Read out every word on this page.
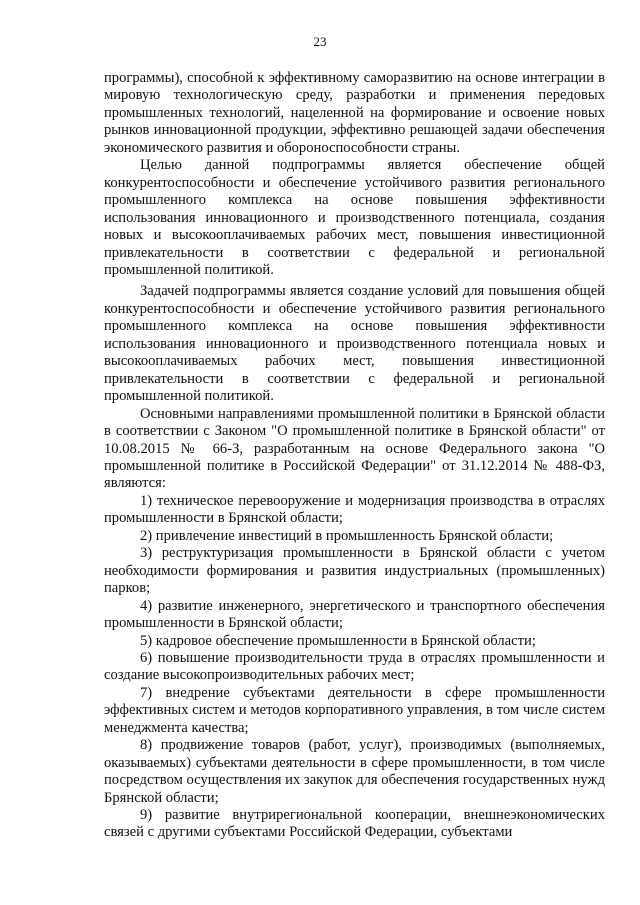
23

программы), способной к эффективному саморазвитию на основе интеграции в мировую технологическую среду, разработки и применения передовых промышленных технологий, нацеленной на формирование и освоение новых рынков инновационной продукции, эффективно решающей задачи обеспечения экономического развития и обороноспособности страны.

Целью данной подпрограммы является обеспечение общей конкурентоспособности и обеспечение устойчивого развития регионального промышленного комплекса на основе повышения эффективности использования инновационного и производственного потенциала, создания новых и высокооплачиваемых рабочих мест, повышения инвестиционной привлекательности в соответствии с федеральной и региональной промышленной политикой.

Задачей подпрограммы является создание условий для повышения общей конкурентоспособности и обеспечение устойчивого развития регионального промышленного комплекса на основе повышения эффективности использования инновационного и производственного потенциала новых и высокооплачиваемых рабочих мест, повышения инвестиционной привлекательности в соответствии с федеральной и региональной промышленной политикой.

Основными направлениями промышленной политики в Брянской области в соответствии с Законом "О промышленной политике в Брянской области" от 10.08.2015 № 66-З, разработанным на основе Федерального закона "О промышленной политике в Российской Федерации" от 31.12.2014 № 488-ФЗ, являются:

1) техническое перевооружение и модернизация производства в отраслях промышленности в Брянской области;

2) привлечение инвестиций в промышленность Брянской области;

3) реструктуризация промышленности в Брянской области с учетом необходимости формирования и развития индустриальных (промышленных) парков;

4) развитие инженерного, энергетического и транспортного обеспечения промышленности в Брянской области;

5) кадровое обеспечение промышленности в Брянской области;

6) повышение производительности труда в отраслях промышленности и создание высокопроизводительных рабочих мест;

7) внедрение субъектами деятельности в сфере промышленности эффективных систем и методов корпоративного управления, в том числе систем менеджмента качества;

8) продвижение товаров (работ, услуг), производимых (выполняемых, оказываемых) субъектами деятельности в сфере промышленности, в том числе посредством осуществления их закупок для обеспечения государственных нужд Брянской области;

9) развитие внутрирегиональной кооперации, внешнеэкономических связей с другими субъектами Российской Федерации, субъектами
